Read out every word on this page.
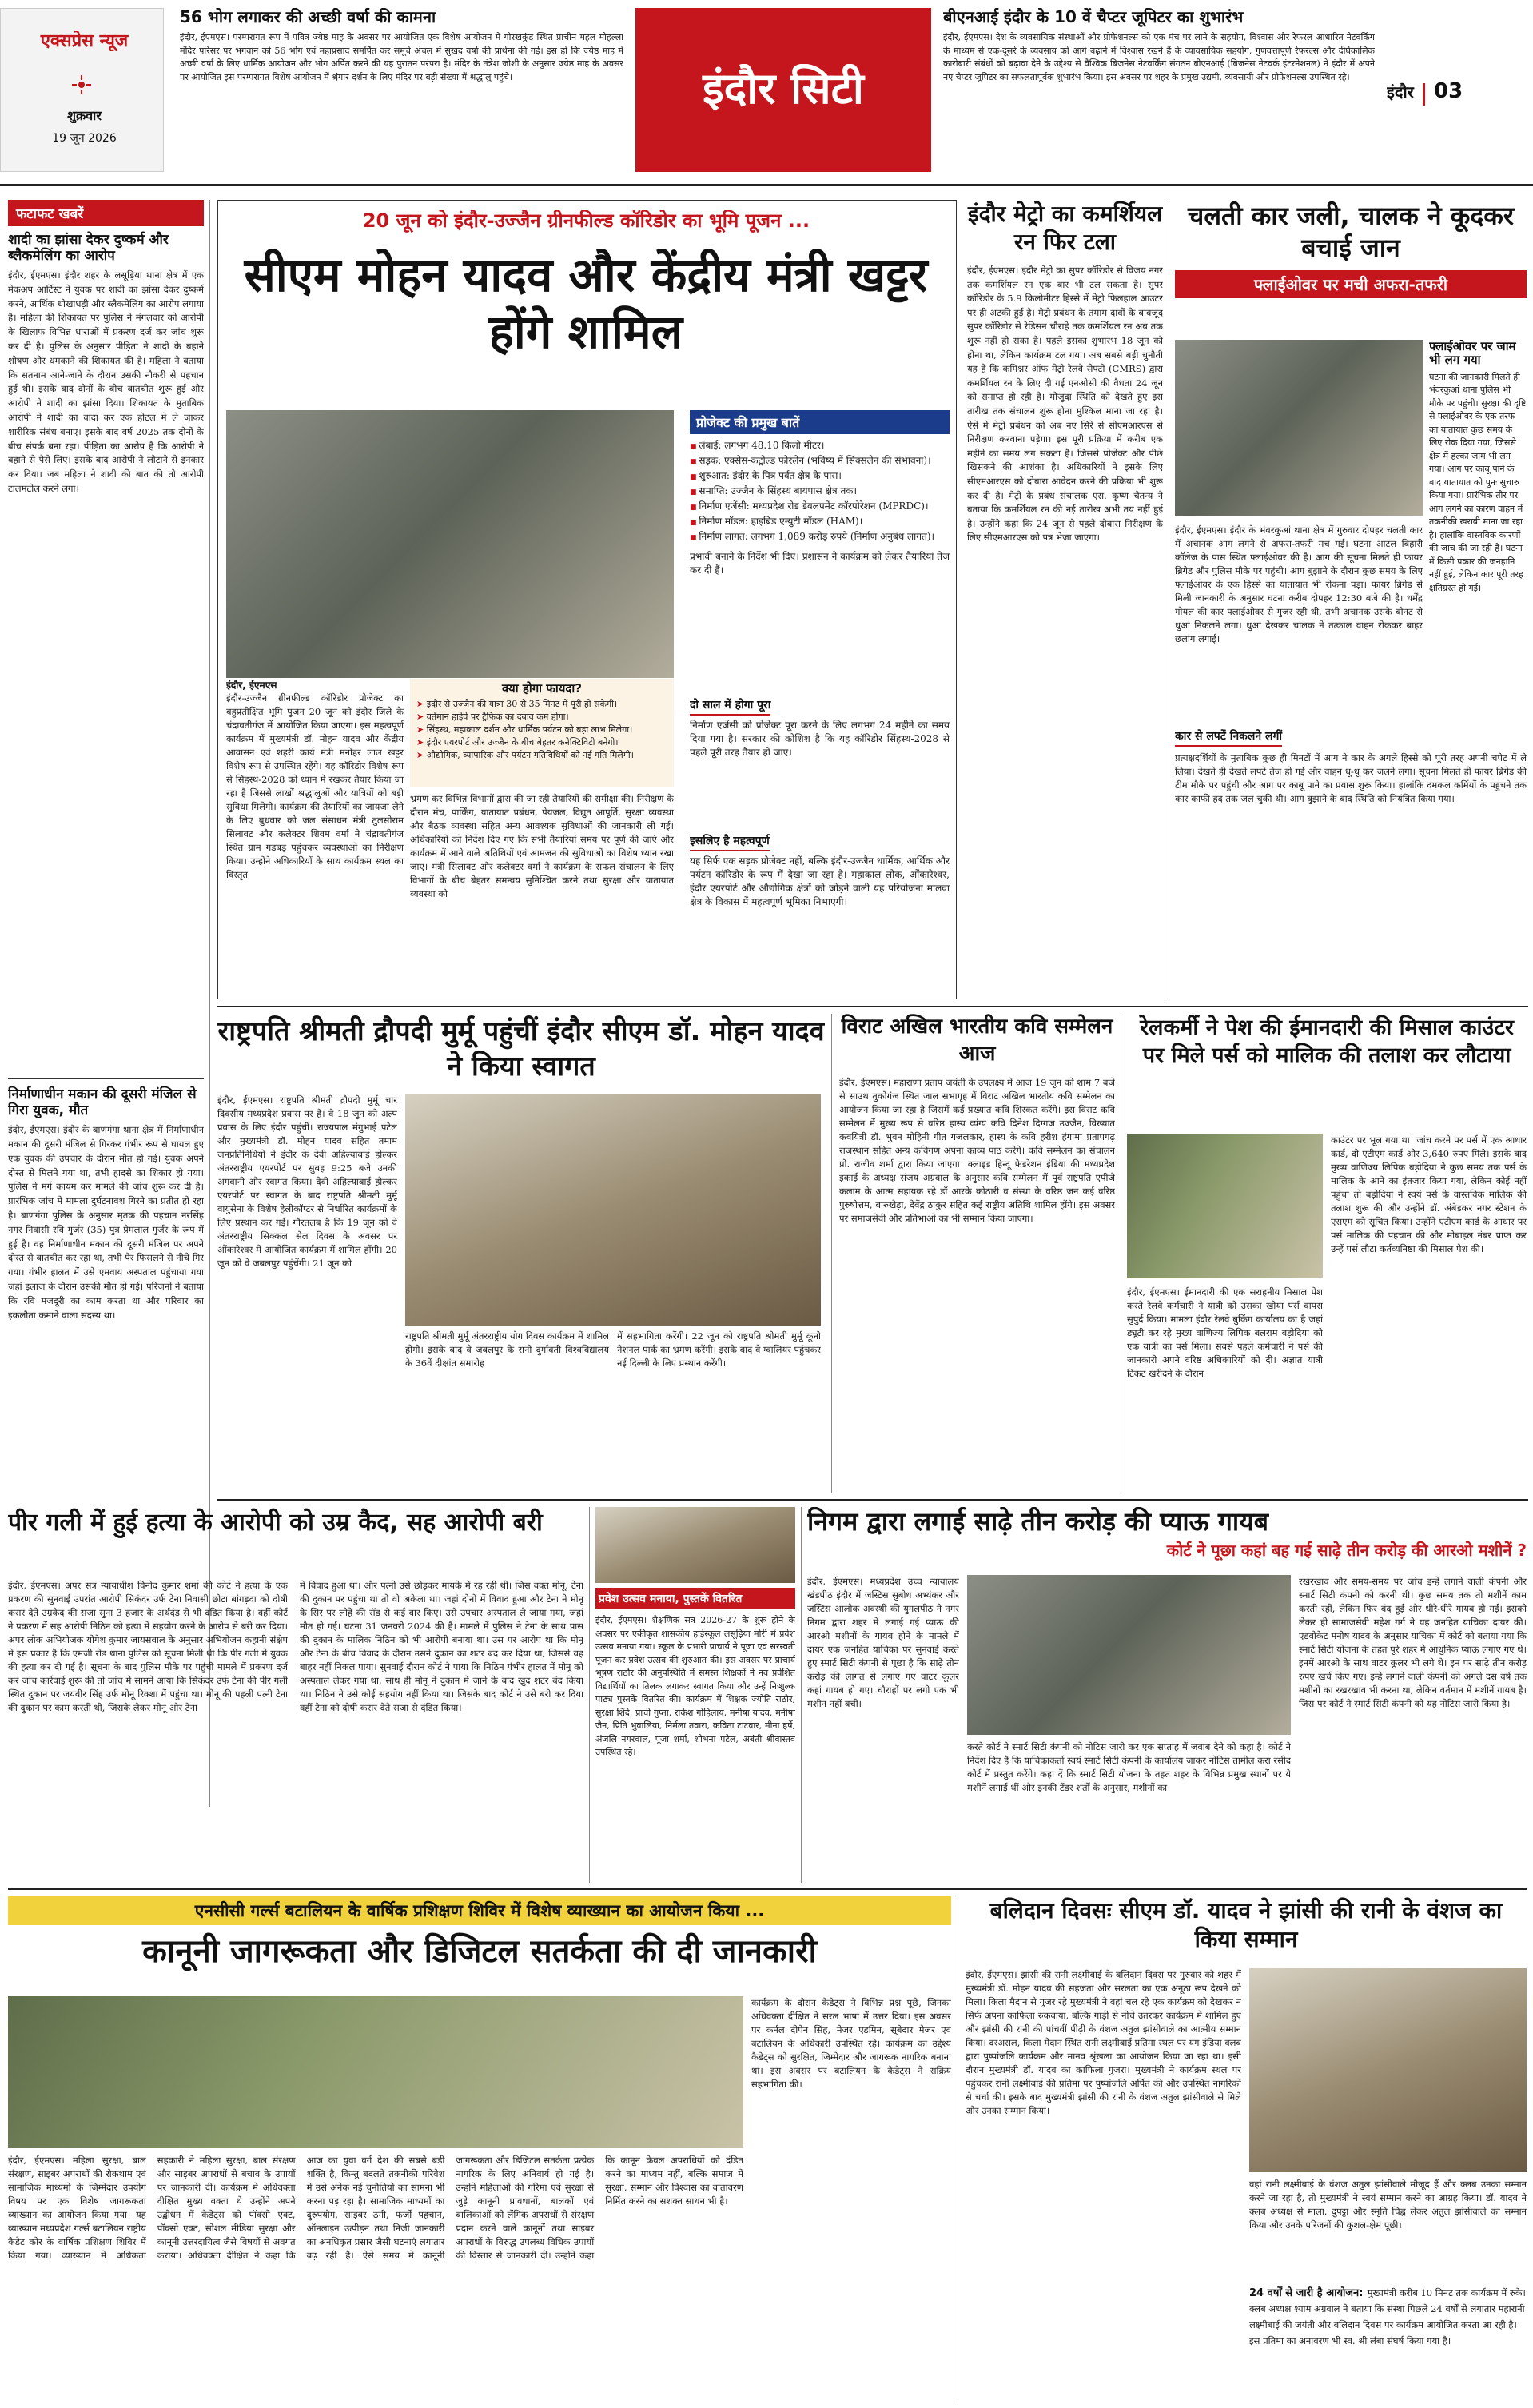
एक्सप्रेस न्यूज
शुक्रवार
19 जून 2026
56 भोग लगाकर की अच्छी वर्षा की कामना
इंदौर, ईएमएस। परम्परागत रूप में पवित्र ज्येष्ठ माह के अवसर पर आयोजित एक विशेष आयोजन में गोरखकुंड स्थित प्राचीन महल मोहल्ला मंदिर परिसर पर भगवान को 56 भोग एवं महाप्रसाद समर्पित कर समूचे अंचल में सुखद वर्षा की प्रार्थना की गई। इस हो कि ज्येष्ठ माह में अच्छी वर्षा के लिए धार्मिक आयोजन और भोग अर्पित करने की यह पुरातन परंपरा है। मंदिर के तंत्रेश जोशी के अनुसार ज्येष्ठ माह के अवसर पर आयोजित इस परम्परागत विशेष आयोजन में श्रृंगार दर्शन के लिए मंदिर पर बड़ी संख्या में श्रद्धालु पहुंचे।	इंदौर सिटी
बीएनआई इंदौर के 10 वें चैप्टर जूपिटर का शुभारंभ
इंदौर, ईएमएस। देश के व्यवसायिक संस्थाओं और प्रोफेशनल्स को एक मंच पर लाने के सहयोग, विश्वास और रेफरल आधारित नेटवर्किंग के माध्यम से एक-दूसरे के व्यवसाय को आगे बढ़ाने में विश्वास रखने हैं के व्यावसायिक सहयोग, गुणवत्तापूर्ण रेफरल्स और दीर्घकालिक कारोबारी संबंधों को बढ़ावा देने के उद्देश्य से वैश्विक बिजनेस नेटवर्किंग संगठन बीएनआई (बिजनेस नेटवर्क इंटरनेशनल) ने इंदौर में अपने नए चैप्टर जूपिटर का सफलतापूर्वक शुभारंभ किया। इस अवसर पर शहर के प्रमुख उद्यमी, व्यवसायी और प्रोफेशनल्स उपस्थित रहे।
इंदौर 03
फटाफट खबरें
शादी का झांसा देकर दुष्कर्म और ब्लैकमेलिंग का आरोप
इंदौर, ईएमएस। इंदौर शहर के लसूड़िया थाना क्षेत्र में एक मेकअप आर्टिस्ट ने युवक पर शादी का झांसा देकर दुष्कर्म करने, आर्थिक धोखाधड़ी और ब्लैकमेलिंग का आरोप लगाया है। महिला की शिकायत पर पुलिस ने मंगलवार को आरोपी के खिलाफ विभिन्न धाराओं में प्रकरण दर्ज कर जांच शुरू कर दी है। पुलिस के अनुसार पीड़िता ने शादी के बहाने शोषण और धमकाने की शिकायत की है। महिला ने बताया कि सतनाम आने-जाने के दौरान उसकी नौकरी से पहचान हुई थी। इसके बाद दोनों के बीच बातचीत शुरू हुई और आरोपी ने शादी का झांसा दिया। शिकायत के मुताबिक आरोपी ने शादी का वादा कर एक होटल में ले जाकर शारीरिक संबंध बनाए। इसके बाद वर्ष 2025 तक दोनों के बीच संपर्क बना रहा। पीड़िता का आरोप है कि आरोपी ने बहाने से पैसे लिए। इसके बाद आरोपी ने लौटाने से इनकार कर दिया। जब महिला ने शादी की बात की तो आरोपी टालमटोल करने लगा।
निर्माणाधीन मकान की दूसरी मंजिल से गिरा युवक, मौत
इंदौर, ईएमएस। इंदौर के बाणगंगा थाना क्षेत्र में निर्माणाधीन मकान की दूसरी मंजिल से गिरकर गंभीर रूप से घायल हुए एक युवक की उपचार के दौरान मौत हो गई। युवक अपने दोस्त से मिलने गया था, तभी हादसे का शिकार हो गया। पुलिस ने मर्ग कायम कर मामले की जांच शुरू कर दी है। प्रारंभिक जांच में मामला दुर्घटनावश गिरने का प्रतीत हो रहा है। बाणगंगा पुलिस के अनुसार मृतक की पहचान नरसिंह नगर निवासी रवि गुर्जर (35) पुत्र प्रेमलाल गुर्जर के रूप में हुई है। वह निर्माणाधीन मकान की दूसरी मंजिल पर अपने दोस्त से बातचीत कर रहा था, तभी पैर फिसलने से नीचे गिर गया। गंभीर हालत में उसे एमवाय अस्पताल पहुंचाया गया जहां इलाज के दौरान उसकी मौत हो गई। परिजनों ने बताया कि रवि मजदूरी का काम करता था और परिवार का इकलौता कमाने वाला सदस्य था।
20 जून को इंदौर-उज्जैन ग्रीनफील्ड कॉरिडोर का भूमि पूजन ...
सीएम मोहन यादव और केंद्रीय मंत्री खट्टर होंगे शामिल
प्रोजेक्ट की प्रमुख बातें
■ लंबाई: लगभग 48.10 किलो मीटर।
■ सड़क: एक्सेस-कंट्रोल्ड फोरलेन (भविष्य में सिक्सलेन की संभावना)।
■ शुरुआत: इंदौर के पित्र पर्वत क्षेत्र के पास।
■ समाप्ति: उज्जैन के सिंहस्थ बायपास क्षेत्र तक।
■ निर्माण एजेंसी: मध्यप्रदेश रोड डेवलपमेंट कॉरपोरेशन (MPRDC)।
■ निर्माण मॉडल: हाइब्रिड एन्युटी मॉडल (HAM)।
■ निर्माण लागत: लगभग 1,089 करोड़ रुपये (निर्माण अनुबंध लागत)।
प्रभावी बनाने के निर्देश भी दिए। प्रशासन ने कार्यक्रम को लेकर तैयारियां तेज कर दी हैं।
क्या होगा फायदा?
➤ इंदौर से उज्जैन की यात्रा 30 से 35 मिनट में पूरी हो सकेगी।
➤ वर्तमान हाईवे पर ट्रैफिक का दबाव कम होगा।
➤ सिंहस्थ, महाकाल दर्शन और धार्मिक पर्यटन को बड़ा लाभ मिलेगा।
➤ इंदौर एयरपोर्ट और उज्जैन के बीच बेहतर कनेक्टिविटी बनेगी।
➤ औद्योगिक, व्यापारिक और पर्यटन गतिविधियों को नई गति मिलेगी।
इंदौर, ईएमएस
इंदौर-उज्जैन ग्रीनफील्ड कॉरिडोर प्रोजेक्ट का बहुप्रतीक्षित भूमि पूजन 20 जून को इंदौर जिले के चंद्रावतीगंज में आयोजित किया जाएगा। इस महत्वपूर्ण कार्यक्रम में मुख्यमंत्री डॉ. मोहन यादव और केंद्रीय आवासन एवं शहरी कार्य मंत्री मनोहर लाल खट्टर विशेष रूप से उपस्थित रहेंगे। यह कॉरिडोर विशेष रूप से सिंहस्थ-2028 को ध्यान में रखकर तैयार किया जा रहा है जिससे लाखों श्रद्धालुओं और यात्रियों को बड़ी सुविधा मिलेगी। कार्यक्रम की तैयारियों का जायजा लेने के लिए बुधवार को जल संसाधन मंत्री तुलसीराम सिलावट और कलेक्टर शिवम वर्मा ने चंद्रावतीगंज स्थित ग्राम गडबड़ पहुंचकर व्यवस्थाओं का निरीक्षण किया। उन्होंने अधिकारियों के साथ कार्यक्रम स्थल का विस्तृत
भ्रमण कर विभिन्न विभागों द्वारा की जा रही तैयारियों की समीक्षा की। निरीक्षण के दौरान मंच, पार्किंग, यातायात प्रबंधन, पेयजल, विद्युत आपूर्ति, सुरक्षा व्यवस्था और बैठक व्यवस्था सहित अन्य आवश्यक सुविधाओं की जानकारी ली गई। अधिकारियों को निर्देश दिए गए कि सभी तैयारियां समय पर पूर्ण की जाएं और कार्यक्रम में आने वाले अतिथियों एवं आमजन की सुविधाओं का विशेष ध्यान रखा जाए। मंत्री सिलावट और कलेक्टर वर्मा ने कार्यक्रम के सफल संचालन के लिए विभागों के बीच बेहतर समन्वय सुनिश्चित करने तथा सुरक्षा और यातायात व्यवस्था को
दो साल में होगा पूरा
निर्माण एजेंसी को प्रोजेक्ट पूरा करने के लिए लगभग 24 महीने का समय दिया गया है। सरकार की कोशिश है कि यह कॉरिडोर सिंहस्थ-2028 से पहले पूरी तरह तैयार हो जाए।
इसलिए है महत्वपूर्ण
यह सिर्फ एक सड़क प्रोजेक्ट नहीं, बल्कि इंदौर-उज्जैन धार्मिक, आर्थिक और पर्यटन कॉरिडोर के रूप में देखा जा रहा है। महाकाल लोक, ओंकारेश्वर, इंदौर एयरपोर्ट और औद्योगिक क्षेत्रों को जोड़ने वाली यह परियोजना मालवा क्षेत्र के विकास में महत्वपूर्ण भूमिका निभाएगी।
इंदौर मेट्रो का कमर्शियल रन फिर टला
इंदौर, ईएमएस। इंदौर मेट्रो का सुपर कॉरिडोर से विजय नगर तक कमर्शियल रन एक बार भी टल सकता है। सुपर कॉरिडोर के 5.9 किलोमीटर हिस्से में मेट्रो फिलहाल आउटर पर ही अटकी हुई है। मेट्रो प्रबंधन के तमाम दावों के बावजूद सुपर कॉरिडोर से रेडिसन चौराहे तक कमर्शियल रन अब तक शुरू नहीं हो सका है। पहले इसका शुभारंभ 18 जून को होना था, लेकिन कार्यक्रम टल गया। अब सबसे बड़ी चुनौती यह है कि कमिश्नर ऑफ मेट्रो रेलवे सेफ्टी (CMRS) द्वारा कमर्शियल रन के लिए दी गई एनओसी की वैधता 24 जून को समाप्त हो रही है। मौजूदा स्थिति को देखते हुए इस तारीख तक संचालन शुरू होना मुश्किल माना जा रहा है। ऐसे में मेट्रो प्रबंधन को अब नए सिरे से सीएमआरएस से निरीक्षण करवाना पड़ेगा। इस पूरी प्रक्रिया में करीब एक महीने का समय लग सकता है। जिससे प्रोजेक्ट और पीछे खिसकने की आशंका है। अधिकारियों ने इसके लिए सीएमआरएस को दोबारा आवेदन करने की प्रक्रिया भी शुरू कर दी है। मेट्रो के प्रबंध संचालक एस. कृष्ण चैतन्य ने बताया कि कमर्शियल रन की नई तारीख अभी तय नहीं हुई है। उन्होंने कहा कि 24 जून से पहले दोबारा निरीक्षण के लिए सीएमआरएस को पत्र भेजा जाएगा।
चलती कार जली, चालक ने कूदकर बचाई जान
फ्लाईओवर पर मची अफरा-तफरी
फ्लाईओवर पर जाम भी लग गया
घटना की जानकारी मिलते ही भंवरकुआं थाना पुलिस भी मौके पर पहुंची। सुरक्षा की दृष्टि से फ्लाईओवर के एक तरफ का यातायात कुछ समय के लिए रोक दिया गया, जिससे क्षेत्र में हल्का जाम भी लग गया। आग पर काबू पाने के बाद यातायात को पुनः सुचारु किया गया। प्रारंभिक तौर पर आग लगने का कारण वाहन में तकनीकी खराबी माना जा रहा है। हालांकि वास्तविक कारणों की जांच की जा रही है। घटना में किसी प्रकार की जनहानि नहीं हुई, लेकिन कार पूरी तरह क्षतिग्रस्त हो गई।
इंदौर, ईएमएस। इंदौर के भंवरकुआं थाना क्षेत्र में गुरुवार दोपहर चलती कार में अचानक आग लगने से अफरा-तफरी मच गई। घटना आटल बिहारी कॉलेज के पास स्थित फ्लाईओवर की है। आग की सूचना मिलते ही फायर ब्रिगेड और पुलिस मौके पर पहुंची। आग बुझाने के दौरान कुछ समय के लिए फ्लाईओवर के एक हिस्से का यातायात भी रोकना पड़ा। फायर ब्रिगेड से मिली जानकारी के अनुसार घटना करीब दोपहर 12:30 बजे की है। धर्मेंद्र गोयल की कार फ्लाईओवर से गुजर रही थी, तभी अचानक उसके बोनट से धुआं निकलने लगा। धुआं देखकर चालक ने तत्काल वाहन रोककर बाहर छलांग लगाई।
कार से लपटें निकलने लगीं
प्रत्यक्षदर्शियों के मुताबिक कुछ ही मिनटों में आग ने कार के अगले हिस्से को पूरी तरह अपनी चपेट में ले लिया। देखते ही देखते लपटें तेज हो गईं और वाहन धू-धू कर जलने लगा। सूचना मिलते ही फायर ब्रिगेड की टीम मौके पर पहुंची और आग पर काबू पाने का प्रयास शुरू किया। हालांकि दमकल कर्मियों के पहुंचने तक कार काफी हद तक जल चुकी थी। आग बुझाने के बाद स्थिति को नियंत्रित किया गया।
राष्ट्रपति श्रीमती द्रौपदी मुर्मू पहुंचीं इंदौर सीएम डॉ. मोहन यादव ने किया स्वागत
इंदौर, ईएमएस। राष्ट्रपति श्रीमती द्रौपदी मुर्मू चार दिवसीय मध्यप्रदेश प्रवास पर हैं। वे 18 जून को अल्प प्रवास के लिए इंदौर पहुंचीं। राज्यपाल मंगुभाई पटेल और मुख्यमंत्री डॉ. मोहन यादव सहित तमाम जनप्रतिनिधियों ने इंदौर के देवी अहिल्याबाई होल्कर अंतरराष्ट्रीय एयरपोर्ट पर सुबह 9:25 बजे उनकी अगवानी और स्वागत किया। देवी अहिल्याबाई होल्कर एयरपोर्ट पर स्वागत के बाद राष्ट्रपति श्रीमती मुर्मू वायुसेना के विशेष हेलीकॉप्टर से निर्धारित कार्यक्रमों के लिए प्रस्थान कर गईं। गौरतलब है कि 19 जून को वे अंतरराष्ट्रीय सिक्कल सेल दिवस के अवसर पर ओंकारेश्वर में आयोजित कार्यक्रम में शामिल होंगी। 20 जून को वे जबलपुर पहुंचेंगी। 21 जून को
राष्ट्रपति श्रीमती मुर्मू अंतरराष्ट्रीय योग दिवस कार्यक्रम में शामिल होंगी। इसके बाद वे जबलपुर के रानी दुर्गावती विश्वविद्यालय के 36वें दीक्षांत समारोह
में सहभागिता करेंगी। 22 जून को राष्ट्रपति श्रीमती मुर्मू कूनो नेशनल पार्क का भ्रमण करेंगी। इसके बाद वे ग्वालियर पहुंचकर नई दिल्ली के लिए प्रस्थान करेंगी।
विराट अखिल भारतीय कवि सम्मेलन आज
इंदौर, ईएमएस। महाराणा प्रताप जयंती के उपलक्ष्य में आज 19 जून को शाम 7 बजे से साउथ तुकोगंज स्थित जाल सभागृह में विराट अखिल भारतीय कवि सम्मेलन का आयोजन किया जा रहा है जिसमें कई प्रख्यात कवि शिरकत करेंगे। इस विराट कवि सम्मेलन में मुख्य रूप से वरिष्ठ हास्य व्यंग्य कवि दिनेश दिग्गज उज्जैन, विख्यात कवयित्री डॉ. भुवन मोहिनी गीत गजलकार, हास्य के कवि हरीश हंगामा प्रतापगढ़ राजस्थान सहित अन्य कविगण अपना काव्य पाठ करेंगे। कवि सम्मेलन का संचालन प्रो. राजीव शर्मा द्वारा किया जाएगा। क्लाइड हिन्दू फेडरेशन इंडिया की मध्यप्रदेश इकाई के अध्यक्ष संजय अग्रवाल के अनुसार कवि सम्मेलन में पूर्व राष्ट्रपति एपीजे कलाम के आत्म सहायक रहे डॉ आरके कोठारी व संस्था के वरिष्ठ जन कई वरिष्ठ पुरुषोत्तम, बारुखेड़ा, देवेंद्र ठाकुर सहित कई राष्ट्रीय अतिथि शामिल होंगे। इस अवसर पर समाजसेवी और प्रतिभाओं का भी सम्मान किया जाएगा।
रेलकर्मी ने पेश की ईमानदारी की मिसाल काउंटर पर मिले पर्स को मालिक की तलाश कर लौटाया
इंदौर, ईएमएस। ईमानदारी की एक सराहनीय मिसाल पेश करते रेलवे कर्मचारी ने यात्री को उसका खोया पर्स वापस सुपुर्द किया। मामला इंदौर रेलवे बुकिंग कार्यालय का है जहां ड्यूटी कर रहे मुख्य वाणिज्य लिपिक बलराम बड़ोदिया को एक यात्री का पर्स मिला। सबसे पहले कर्मचारी ने पर्स की जानकारी अपने वरिष्ठ अधिकारियों को दी। अज्ञात यात्री टिकट खरीदने के दौरान
काउंटर पर भूल गया था। जांच करने पर पर्स में एक आधार कार्ड, दो एटीएम कार्ड और 3,640 रुपए मिले। इसके बाद मुख्य वाणिज्य लिपिक बड़ोदिया ने कुछ समय तक पर्स के मालिक के आने का इंतजार किया गया, लेकिन कोई नहीं पहुंचा तो बड़ोदिया ने स्वयं पर्स के वास्तविक मालिक की तलाश शुरू की और उन्होंने डॉ. अंबेडकर नगर स्टेशन के एसएम को सूचित किया। उन्होंने एटीएम कार्ड के आधार पर पर्स मालिक की पहचान की और मोबाइल नंबर प्राप्त कर उन्हें पर्स लौटा कर्तव्यनिष्ठा की मिसाल पेश की।
पीर गली में हुई हत्या के आरोपी को उम्र कैद, सह आरोपी बरी
इंदौर, ईएमएस। अपर सत्र न्यायाधीश विनोद कुमार शर्मा की कोर्ट ने हत्या के एक प्रकरण की सुनवाई उपरांत आरोपी सिकंदर उर्फ टेना निवासी छोटा बांगड़दा को दोषी करार देते उम्रकैद की सजा सुना 3 हजार के अर्थदंड से भी दंडित किया है। वहीं कोर्ट ने प्रकरण में सह आरोपी निठिन को हत्या में सहयोग करने के आरोप से बरी कर दिया। अपर लोक अभियोजक योगेश कुमार जायसवाल के अनुसार अभियोजन कहानी संक्षेप में इस प्रकार है कि एमजी रोड थाना पुलिस को सूचना मिली थी कि पीर गली में युवक की हत्या कर दी गई है। सूचना के बाद पुलिस मौके पर पहुंची मामले में प्रकरण दर्ज कर जांच कार्रवाई शुरू की तो जांच में सामने आया कि सिकंदर उर्फ टेना की पीर गली स्थित दुकान पर जयवीर सिंह उर्फ मोनू रिक्शा में पहुंचा था। मोनू की पहली पत्नी टेना की दुकान पर काम करती थी, जिसके लेकर मोनू और टेना
में विवाद हुआ था। और पत्नी उसे छोड़कर मायके में रह रही थी। जिस वक्त मोनू, टेना की दुकान पर पहुंचा था तो वो अकेला था। जहां दोनों में विवाद हुआ और टेना ने मोनू के सिर पर लोहे की रॉड से कई वार किए। उसे उपचार अस्पताल ले जाया गया, जहां मौत हो गई। घटना 31 जनवरी 2024 की है। मामले में पुलिस ने टेना के साथ पास की दुकान के मालिक निठिन को भी आरोपी बनाया था। उस पर आरोप था कि मोनू और टेना के बीच विवाद के दौरान उसने दुकान का शटर बंद कर दिया था, जिससे वह बाहर नहीं निकल पाया। सुनवाई दौरान कोर्ट ने पाया कि निठिन गंभीर हालत में मोनू को अस्पताल लेकर गया था, साथ ही मोनू ने दुकान में जाने के बाद खुद शटर बंद किया था। निठिन ने उसे कोई सहयोग नहीं किया था। जिसके बाद कोर्ट ने उसे बरी कर दिया वहीं टेना को दोषी करार देते सजा से दंडित किया।
प्रवेश उत्सव मनाया, पुस्तकें वितरित
इंदौर, ईएमएस। शैक्षणिक सत्र 2026-27 के शुरू होने के अवसर पर एकीकृत शासकीय हाईस्कूल लसूड़िया मोरी में प्रवेश उत्सव मनाया गया। स्कूल के प्रभारी प्राचार्य ने पूजा एवं सरस्वती पूजन कर प्रवेश उत्सव की शुरुआत की। इस अवसर पर प्राचार्य भूषण राठौर की अनुपस्थिति में समस्त शिक्षकों ने नव प्रवेशित विद्यार्थियों का तिलक लगाकर स्वागत किया और उन्हें निःशुल्क पाठ्य पुस्तकें वितरित की। कार्यक्रम में शिक्षक ज्योति राठौर, सुरक्षा शिंदे, प्राची गुप्ता, राकेश गोहिलाय, मनीषा यादव, मनीषा जैन, प्रिति भुवालिया, निर्मला तवारा, कविता टाटवार, मीना हर्षे, अंजलि नगरवाल, पूजा शर्मा, शोभना पटेल, अबंती श्रीवास्तव उपस्थित रहे।
निगम द्वारा लगाई साढ़े तीन करोड़ की प्याऊ गायब
कोर्ट ने पूछा कहां बह गई साढ़े तीन करोड़ की आरओ मशीनें ?
इंदौर, ईएमएस। मध्यप्रदेश उच्च न्यायालय खंडपीठ इंदौर में जस्टिस सुबोध अभ्यंकर और जस्टिस आलोक अवस्थी की युगलपीठ ने नगर निगम द्वारा शहर में लगाई गई प्याऊ की आरओ मशीनों के गायब होने के मामले में दायर एक जनहित याचिका पर सुनवाई करते हुए स्मार्ट सिटी कंपनी से पूछा है कि साढ़े तीन करोड़ की लागत से लगाए गए वाटर कूलर कहां गायब हो गए। चौराहों पर लगी एक भी मशीन नहीं बची।
करते कोर्ट ने स्मार्ट सिटी कंपनी को नोटिस जारी कर एक सप्ताह में जवाब देने को कहा है। कोर्ट ने निर्देश दिए हैं कि याचिकाकर्ता स्वयं स्मार्ट सिटी कंपनी के कार्यालय जाकर नोटिस तामील करा रसीद कोर्ट में प्रस्तुत करेंगे। कहा दें कि स्मार्ट सिटी योजना के तहत शहर के विभिन्न प्रमुख स्थानों पर ये मशीनें लगाई थीं और इनकी टेंडर शर्तों के अनुसार, मशीनों का
रखरखाव और समय-समय पर जांच इन्हें लगाने वाली कंपनी और स्मार्ट सिटी कंपनी को करनी थी। कुछ समय तक तो मशीनें काम करती रहीं, लेकिन फिर बंद हुईं और धीरे-धीरे गायब हो गईं। इसको लेकर ही सामाजसेवी महेश गर्ग ने यह जनहित याचिका दायर की। एडवोकेट मनीष यादव के अनुसार याचिका में कोर्ट को बताया गया कि स्मार्ट सिटी योजना के तहत पूरे शहर में आधुनिक प्याऊ लगाए गए थे। इनमें आरओ के साथ वाटर कूलर भी लगे थे। इन पर साढ़े तीन करोड़ रुपए खर्च किए गए। इन्हें लगाने वाली कंपनी को अगले दस वर्ष तक मशीनों का रखरखाव भी करना था, लेकिन वर्तमान में मशीनें गायब है। जिस पर कोर्ट ने स्मार्ट सिटी कंपनी को यह नोटिस जारी किया है।
एनसीसी गर्ल्स बटालियन के वार्षिक प्रशिक्षण शिविर में विशेष व्याख्यान का आयोजन किया ...
कानूनी जागरूकता और डिजिटल सतर्कता की दी जानकारी
इंदौर, ईएमएस। महिला सुरक्षा, बाल संरक्षण, साइबर अपराधों की रोकथाम एवं सामाजिक माध्यमों के जिम्मेदार उपयोग विषय पर एक विशेष जागरूकता व्याख्यान का आयोजन किया गया। यह व्याख्यान मध्यप्रदेश गर्ल्स बटालियन राष्ट्रीय कैडेट कोर के वार्षिक प्रशिक्षण शिविर में किया गया। व्याख्यान में अधिकता सहकारी ने महिला सुरक्षा, बाल संरक्षण और साइबर अपराधों से बचाव के उपायों पर जानकारी दी। कार्यक्रम में अधिवक्ता दीक्षित मुख्य वक्ता थे उन्होंने अपने उद्बोधन में कैडेट्स को पॉक्सो एक्ट, पॉक्सो एक्ट, सोशल मीडिया सुरक्षा और कानूनी उत्तरदायित्व जैसे विषयों से अवगत कराया। अधिवक्ता दीक्षित ने कहा कि आज का युवा वर्ग देश की सबसे बड़ी शक्ति है, किन्तु बदलते तकनीकी परिवेश में उसे अनेक नई चुनौतियों का सामना भी करना पड़ रहा है। सामाजिक माध्यमों का दुरुपयोग, साइबर ठगी, फर्जी पहचान, ऑनलाइन उत्पीड़न तथा निजी जानकारी का अनधिकृत प्रसार जैसी घटनाएं लगातार बढ़ रही हैं। ऐसे समय में कानूनी जागरूकता और डिजिटल सतर्कता प्रत्येक नागरिक के लिए अनिवार्य हो गई है। उन्होंने महिलाओं की गरिमा एवं सुरक्षा से जुड़े कानूनी प्रावधानों, बालकों एवं बालिकाओं को लैंगिक अपराधों से संरक्षण प्रदान करने वाले कानूनों तथा साइबर अपराधों के विरुद्ध उपलब्ध विधिक उपायों की विस्तार से जानकारी दी। उन्होंने कहा कि कानून केवल अपराधियों को दंडित करने का माध्यम नहीं, बल्कि समाज में सुरक्षा, सम्मान और विश्वास का वातावरण निर्मित करने का सशक्त साधन भी है।
कार्यक्रम के दौरान कैडेट्स ने विभिन्न प्रश्न पूछे, जिनका अधिवक्ता दीक्षित ने सरल भाषा में उत्तर दिया। इस अवसर पर कर्नल दीपेन सिंह, मेजर एडमिन, सूबेदार मेजर एवं बटालियन के अधिकारी उपस्थित रहे। कार्यक्रम का उद्देश्य कैडेट्स को सुरक्षित, जिम्मेदार और जागरूक नागरिक बनाना था। इस अवसर पर बटालियन के कैडेट्स ने सक्रिय सहभागिता की।
बलिदान दिवसः सीएम डॉ. यादव ने झांसी की रानी के वंशज का किया सम्मान
इंदौर, ईएमएस। झांसी की रानी लक्ष्मीबाई के बलिदान दिवस पर गुरुवार को शहर में मुख्यमंत्री डॉ. मोहन यादव की सहजता और सरलता का एक अनूठा रूप देखने को मिला। किला मैदान से गुजर रहे मुख्यमंत्री ने वहां चल रहे एक कार्यक्रम को देखकर न सिर्फ अपना काफिला रुकवाया, बल्कि गाड़ी से नीचे उतरकर कार्यक्रम में शामिल हुए और झांसी की रानी की पांचवीं पीढ़ी के वंशज अतुल झांसीवाले का आत्मीय सम्मान किया। दरअसल, किला मैदान स्थित रानी लक्ष्मीबाई प्रतिमा स्थल पर यंग इंडिया क्लब द्वारा पुष्पांजलि कार्यक्रम और मानव श्रृंखला का आयोजन किया जा रहा था। इसी दौरान मुख्यमंत्री डॉ. यादव का काफिला गुजरा। मुख्यमंत्री ने कार्यक्रम स्थल पर पहुंचकर रानी लक्ष्मीबाई की प्रतिमा पर पुष्पांजलि अर्पित की और उपस्थित नागरिकों से चर्चा की। इसके बाद मुख्यमंत्री झांसी की रानी के वंशज अतुल झांसीवाले से मिले और उनका सम्मान किया।
वहां रानी लक्ष्मीबाई के वंशज अतुल झांसीवाले मौजूद हैं और क्लब उनका सम्मान करने जा रहा है, तो मुख्यमंत्री ने स्वयं सम्मान करने का आग्रह किया। डॉ. यादव ने क्लब अध्यक्ष से माला, दुपट्टा और स्मृति चिह्न लेकर अतुल झांसीवाले का सम्मान किया और उनके परिजनों की कुशल-क्षेम पूछी।
24 वर्षों से जारी है आयोजन: मुख्यमंत्री करीब 10 मिनट तक कार्यक्रम में रुके। क्लब अध्यक्ष श्याम अग्रवाल ने बताया कि संस्था पिछले 24 वर्षों से लगातार महारानी लक्ष्मीबाई की जयंती और बलिदान दिवस पर कार्यक्रम आयोजित करता आ रही है। इस प्रतिमा का अनावरण भी स्व. श्री लंबा संघर्ष किया गया है।
